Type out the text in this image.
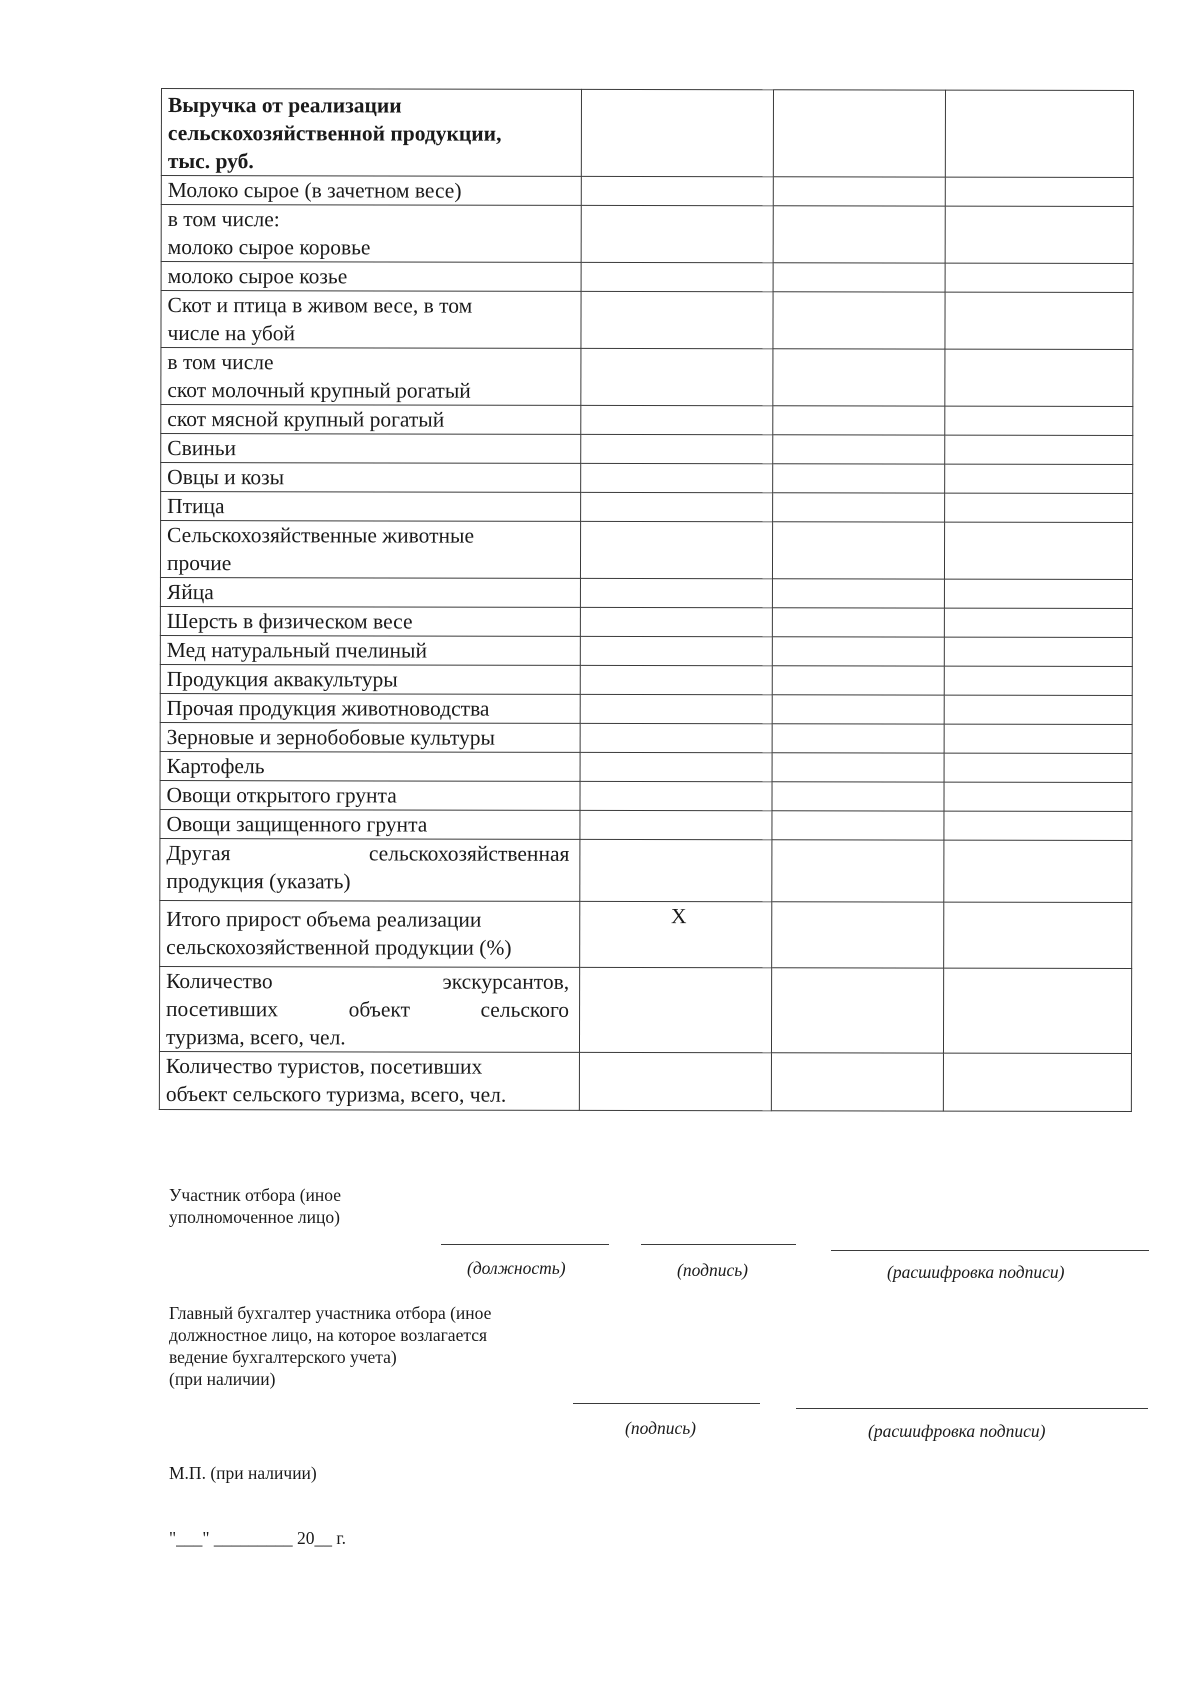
Выручка от реализации
сельскохозяйственной продукции,
тыс. руб.			
Молоко сырое (в зачетном весе)			
в том числе:
молоко сырое коровье			
молоко сырое козье			
Скот и птица в живом весе, в том
числе на убой			
в том числе
скот молочный крупный рогатый			
скот мясной крупный рогатый			
Свиньи			
Овцы и козы			
Птица			
Сельскохозяйственные животные
прочие			
Яйца			
Шерсть в физическом весе			
Мед натуральный пчелиный			
Продукция аквакультуры			
Прочая продукция животноводства			
Зерновые и зернобобовые культуры			
Картофель			
Овощи открытого грунта			
Овощи защищенного грунта			

Другая сельскохозяйственная
продукция (указать)			

Итого прирост объема реализации
сельскохозяйственной продукции (%)	X		

Количество экскурсантов,
посетивших объект сельского
туризма, всего, чел.			

Количество туристов, посетивших
объект сельского туризма, всего, чел.			
Участник отбора (иное
уполномоченное лицо)
(должность)	(подпись)	(расшифровка подписи)
Главный бухгалтер участника отбора (иное
должностное лицо, на которое возлагается
ведение бухгалтерского учета)
(при наличии)
(подпись)	(расшифровка подписи)
М.П. (при наличии)
"___" _________ 20__ г.
